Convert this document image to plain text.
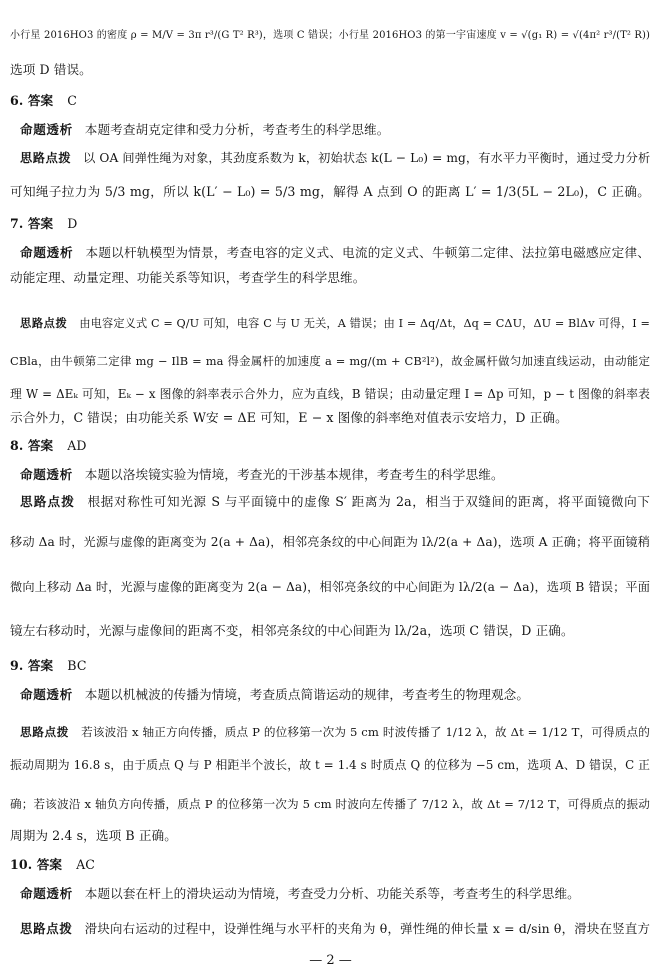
— 2 —
小行星 2016HO3 的密度 ρ = M/V = 3π r³/(G T² R³)，选项 C 错误；小行星 2016HO3 的第一宇宙速度 v = √(g₁ R) = √(4π² r³/(T² R))
选项 D 错误。
6. 答案 C
命题透析 本题考查胡克定律和受力分析，考查考生的科学思维。
思路点拨 以 OA 间弹性绳为对象，其劲度系数为 k，初始状态 k(L − L₀) = mg，有水平力平衡时，通过受力分析
可知绳子拉力为 5/3 mg，所以 k(L′ − L₀) = 5/3 mg，解得 A 点到 O 的距离 L′ = 1/3(5L − 2L₀)，C 正确。
7. 答案 D
命题透析 本题以杆轨模型为情景，考查电容的定义式、电流的定义式、牛顿第二定律、法拉第电磁感应定律、
动能定理、动量定理、功能关系等知识，考查学生的科学思维。
思路点拨 由电容定义式 C = Q/U 可知，电容 C 与 U 无关，A 错误；由 I = Δq/Δt，Δq = CΔU，ΔU = BlΔv 可得，I =
CBla，由牛顿第二定律 mg − IlB = ma 得金属杆的加速度 a = mg/(m + CB²l²)，故金属杆做匀加速直线运动，由动能定
理 W = ΔEₖ 可知，Eₖ − x 图像的斜率表示合外力，应为直线，B 错误；由动量定理 I = Δp 可知，p − t 图像的斜率表
示合外力，C 错误；由功能关系 W安 = ΔE 可知，E − x 图像的斜率绝对值表示安培力，D 正确。
8. 答案 AD
命题透析 本题以洛埃镜实验为情境，考查光的干涉基本规律，考查考生的科学思维。
思路点拨 根据对称性可知光源 S 与平面镜中的虚像 S′ 距离为 2a，相当于双缝间的距离，将平面镜微向下
移动 Δa 时，光源与虚像的距离变为 2(a + Δa)，相邻亮条纹的中心间距为 lλ/2(a + Δa)，选项 A 正确；将平面镜稍
微向上移动 Δa 时，光源与虚像的距离变为 2(a − Δa)，相邻亮条纹的中心间距为 lλ/2(a − Δa)，选项 B 错误；平面
镜左右移动时，光源与虚像间的距离不变，相邻亮条纹的中心间距为 lλ/2a，选项 C 错误，D 正确。
9. 答案 BC
命题透析 本题以机械波的传播为情境，考查质点简谐运动的规律，考查考生的物理观念。
思路点拨 若该波沿 x 轴正方向传播，质点 P 的位移第一次为 5 cm 时波传播了 1/12 λ，故 Δt = 1/12 T，可得质点的
振动周期为 16.8 s，由于质点 Q 与 P 相距半个波长，故 t = 1.4 s 时质点 Q 的位移为 −5 cm，选项 A、D 错误，C 正
确；若该波沿 x 轴负方向传播，质点 P 的位移第一次为 5 cm 时波向左传播了 7/12 λ，故 Δt = 7/12 T，可得质点的振动
周期为 2.4 s，选项 B 正确。
10. 答案 AC
命题透析 本题以套在杆上的滑块运动为情境，考查受力分析、功能关系等，考查考生的科学思维。
思路点拨 滑块向右运动的过程中，设弹性绳与水平杆的夹角为 θ，弹性绳的伸长量 x = d/sin θ，滑块在竖直方
